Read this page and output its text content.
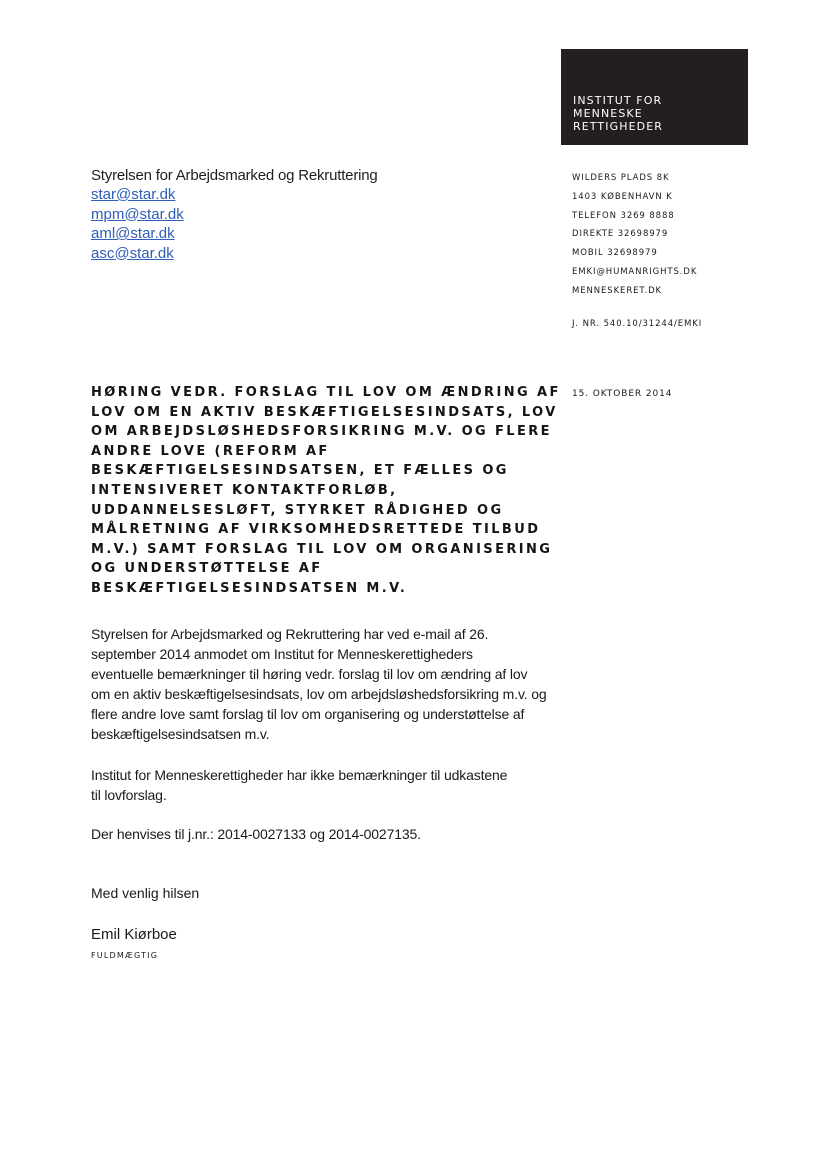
INSTITUT FOR
MENNESKE
RETTIGHEDER
Styrelsen for Arbejdsmarked og Rekruttering
star@star.dk
mpm@star.dk
aml@star.dk
asc@star.dk
WILDERS PLADS 8K
1403 KØBENHAVN K
TELEFON 3269 8888
DIREKTE 32698979
MOBIL 32698979
EMKI@HUMANRIGHTS.DK
MENNESKERET.DK
J. NR. 540.10/31244/EMKI
15. OKTOBER 2014
HØRING VEDR. FORSLAG TIL LOV OM ÆNDRING AF
LOV OM EN AKTIV BESKÆFTIGELSESINDSATS, LOV
OM ARBEJDSLØSHEDSFORSIKRING M.V. OG FLERE
ANDRE LOVE (REFORM AF
BESKÆFTIGELSESINDSATSEN, ET FÆLLES OG
INTENSIVERET KONTAKTFORLØB,
UDDANNELSESLØFT, STYRKET RÅDIGHED OG
MÅLRETNING AF VIRKSOMHEDSRETTEDE TILBUD
M.V.) SAMT FORSLAG TIL LOV OM ORGANISERING
OG UNDERSTØTTELSE AF
BESKÆFTIGELSESINDSATSEN M.V.
Styrelsen for Arbejdsmarked og Rekruttering har ved e-mail af 26.
september 2014 anmodet om Institut for Menneskerettigheders
eventuelle bemærkninger til høring vedr. forslag til lov om ændring af lov
om en aktiv beskæftigelsesindsats, lov om arbejdsløshedsforsikring m.v. og
flere andre love samt forslag til lov om organisering og understøttelse af
beskæftigelsesindsatsen m.v.
Institut for Menneskerettigheder har ikke bemærkninger til udkastene
til lovforslag.
Der henvises til j.nr.: 2014-0027133 og 2014-0027135.
Med venlig hilsen
Emil Kiørboe
FULDMÆGTIG
